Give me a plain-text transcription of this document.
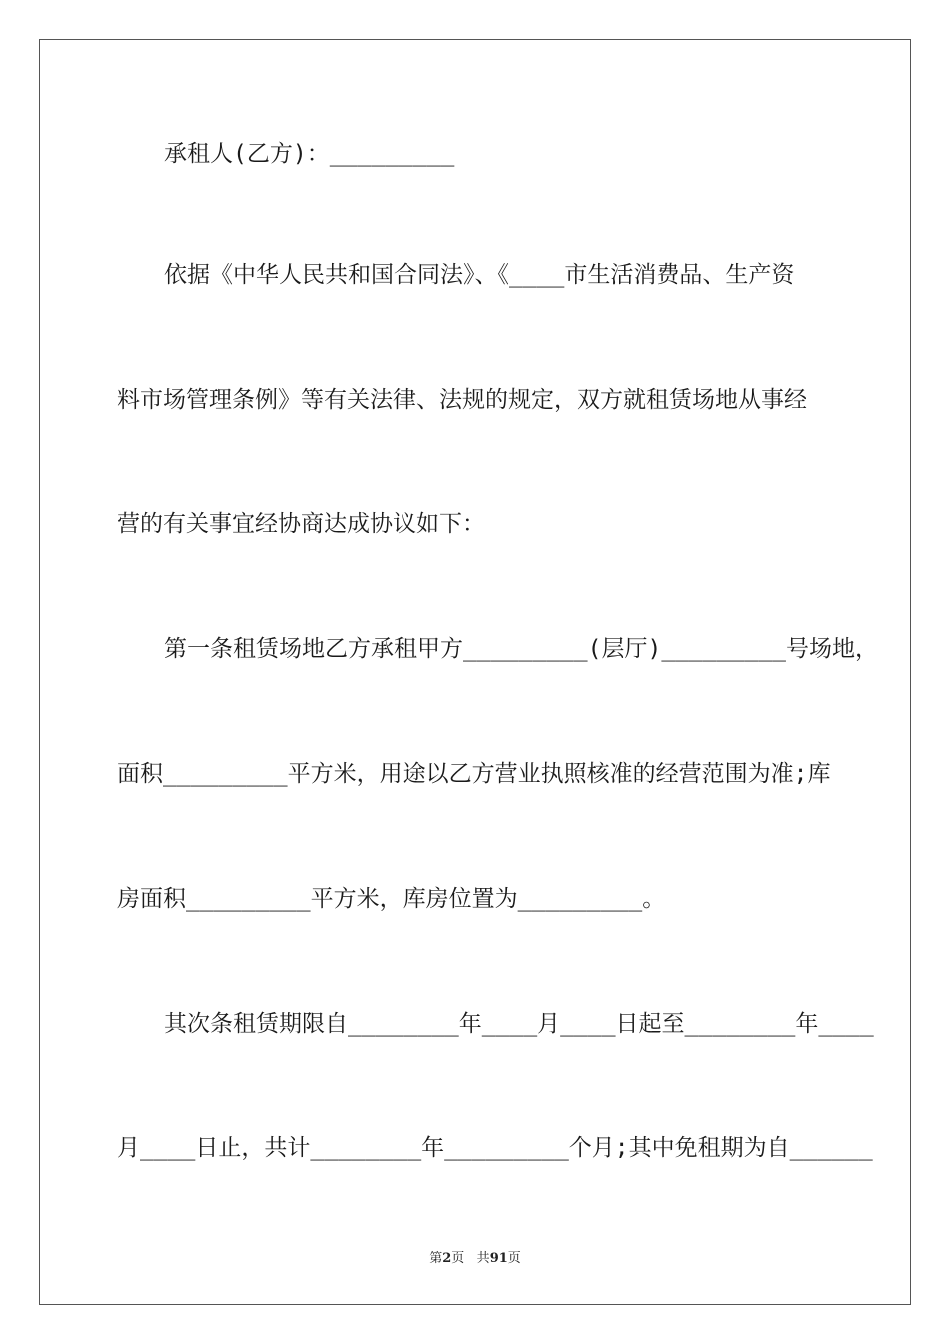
承租人(乙方)：_________
依据《中华人民共和国合同法》、《____市生活消费品、生产资
料市场管理条例》等有关法律、法规的规定，双方就租赁场地从事经
营的有关事宜经协商达成协议如下：
第一条租赁场地乙方承租甲方_________(层厅)_________号场地，
面积_________平方米，用途以乙方营业执照核准的经营范围为准;库
房面积_________平方米，库房位置为_________。
其次条租赁期限自________年____月____日起至________年____
月____日止，共计________年_________个月;其中免租期为自______
第2页 共91页
